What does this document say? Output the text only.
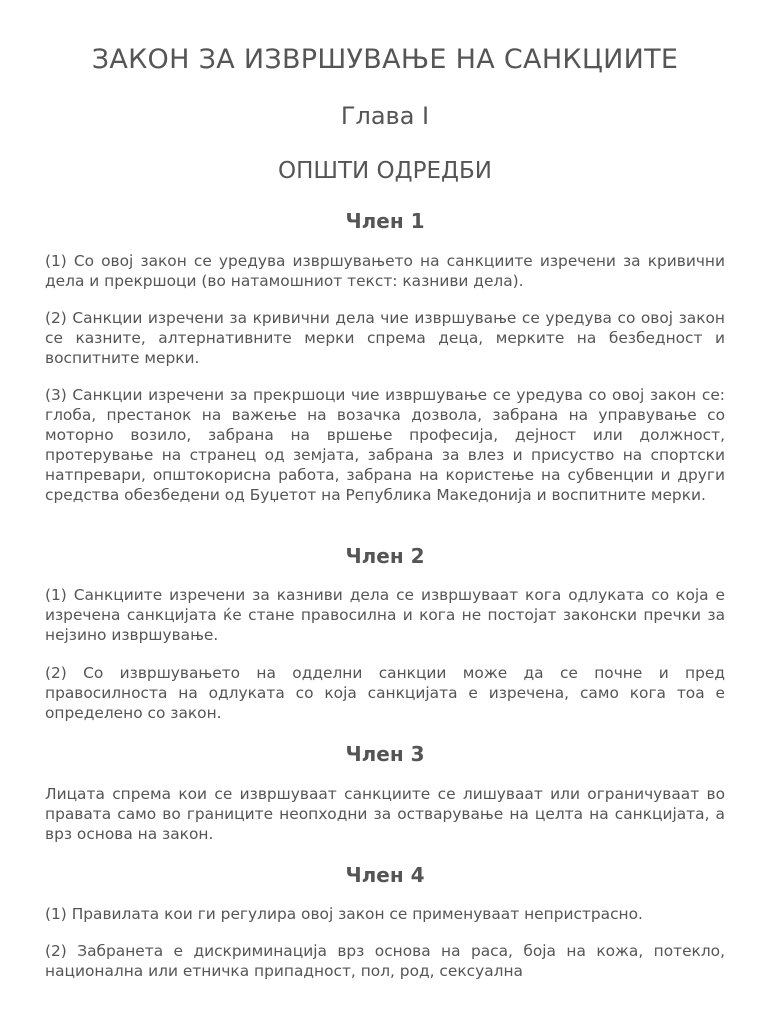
ЗАКОН ЗА ИЗВРШУВАЊЕ НА САНКЦИИТЕ
Глава I
ОПШТИ ОДРЕДБИ
Член 1

(1) Со овој закон се уредува извршувањето на санкциите изречени за кривични дела и прекршоци (во натамошниот текст: казниви дела).

(2) Санкции изречени за кривични дела чие извршување се уредува со овој закон се казните, алтернативните мерки спрема деца, мерките на безбедност и воспитните мерки.

(3) Санкции изречени за прекршоци чие извршување се уредува со овој закон се: глоба, престанок на важење на возачка дозвола, забрана на управување со моторно возило, забрана на вршење професија, дејност или должност, протерување на странец од земјата, забрана за влез и присуство на спортски натпревари, општокорисна работа, забрана на користење на субвенции и други средства обезбедени од Буџетот на Република Македонија и воспитните мерки.

Член 2

(1) Санкциите изречени за казниви дела се извршуваат кога одлуката со која е изречена санкцијата ќе стане правосилна и кога не постојат законски пречки за нејзино извршување.

(2) Со извршувањето на одделни санкции може да се почне и пред правосилноста на одлуката со која санкцијата е изречена, само кога тоа е определено со закон.

Член 3

Лицата спрема кои се извршуваат санкциите се лишуваат или ограничуваат во правата само во границите неопходни за остварување на целта на санкцијата, а врз основа на закон.

Член 4

(1) Правилата кои ги регулира овој закон се применуваат непристрасно.

(2) Забранета е дискриминација врз основа на раса, боја на кожа, потекло, национална или етничка припадност, пол, род, сексуална
